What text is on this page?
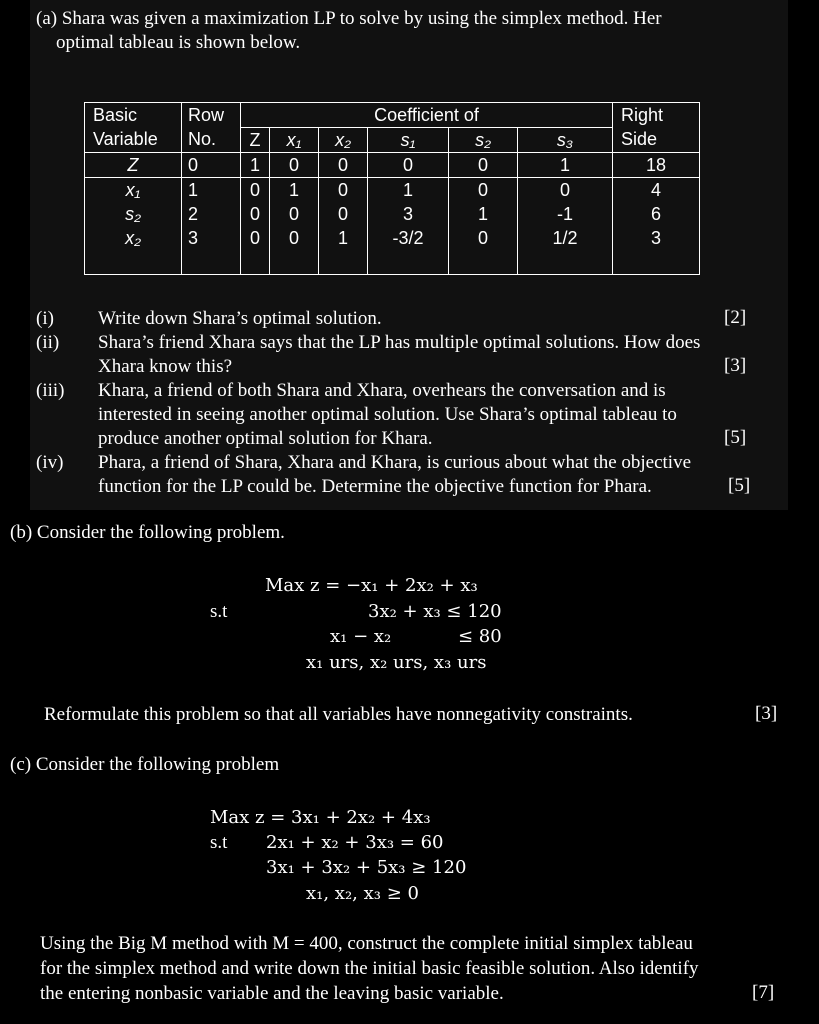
(a) Shara was given a maximization LP to solve by using the simplex method. Her
optimal tableau is shown below.
Basic	Row	Coefficient of						Right
Variable	No.	Z	x₁	x₂	s₁	s₂	s₃	Side
Z	0	1	0	0	0	0	1	18
x₁	1	0	1	0	1	0	0	4
s₂	2	0	0	0	3	1	-1	6
x₂	3	0	0	1	-3/2	0	1/2	3

(i) Write down Shara’s optimal solution.	[2]
(ii) Shara’s friend Xhara says that the LP has multiple optimal solutions. How does
Xhara know this?	[3]
(iii) Khara, a friend of both Shara and Xhara, overhears the conversation and is
interested in seeing another optimal solution. Use Shara’s optimal tableau to
produce another optimal solution for Khara.	[5]
(iv) Phara, a friend of Shara, Xhara and Khara, is curious about what the objective
function for the LP could be. Determine the objective function for Phara.	[5]
(b) Consider the following problem.
Max z = −x₁ + 2x₂ + x₃
s.t	3x₂ + x₃ ≤ 120
x₁ − x₂	≤ 80
x₁ urs, x₂ urs, x₃ urs
Reformulate this problem so that all variables have nonnegativity constraints.	[3]
(c) Consider the following problem
Max z = 3x₁ + 2x₂ + 4x₃
s.t 2x₁ + x₂ + 3x₃ = 60
3x₁ + 3x₂ + 5x₃ ≥ 120
x₁, x₂, x₃ ≥ 0
Using the Big M method with M = 400, construct the complete initial simplex tableau
for the simplex method and write down the initial basic feasible solution. Also identify
the entering nonbasic variable and the leaving basic variable.	[7]
